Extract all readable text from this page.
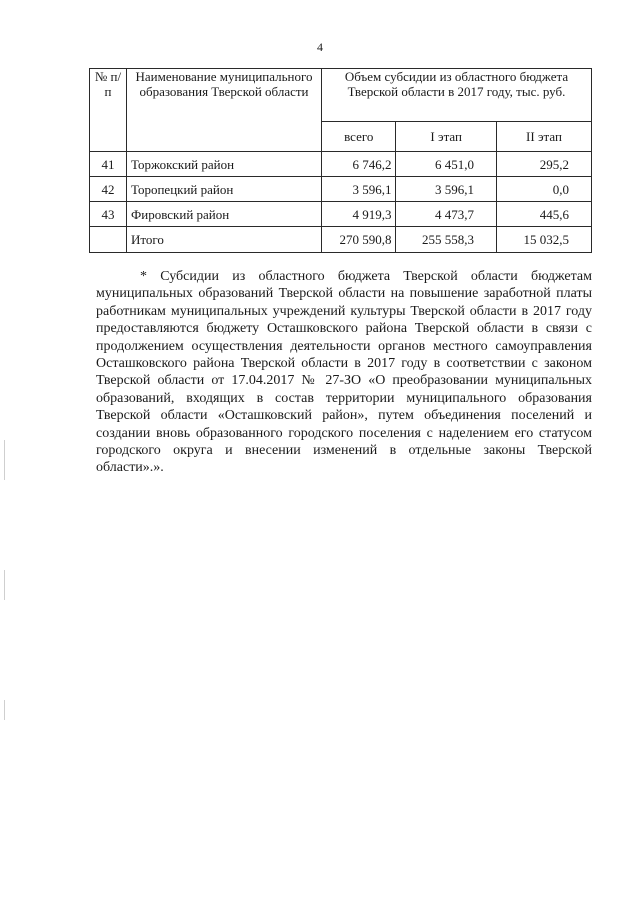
4
№ п/п	Наименование муниципального образования Тверской области	Объем субсидии из областного бюджета Тверской области в 2017 году, тыс. руб.		
		всего	I этап	II этап
41	Торжокский район	6 746,2	6 451,0	295,2
42	Торопецкий район	3 596,1	3 596,1	0,0
43	Фировский район	4 919,3	4 473,7	445,6
	Итого	270 590,8	255 558,3	15 032,5

* Субсидии из областного бюджета Тверской области бюджетам муниципальных образований Тверской области на повышение заработной платы работникам муниципальных учреждений культуры Тверской области в 2017 году предоставляются бюджету Осташковского района Тверской области в связи с продолжением осуществления деятельности органов местного самоуправления Осташковского района Тверской области в 2017 году в соответствии с законом Тверской области от 17.04.2017 № 27-ЗО «О преобразовании муниципальных образований, входящих в состав территории муниципального образования Тверской области «Осташковский район», путем объединения поселений и создании вновь образованного городского поселения с наделением его статусом городского округа и внесении изменений в отдельные законы Тверской области».».
